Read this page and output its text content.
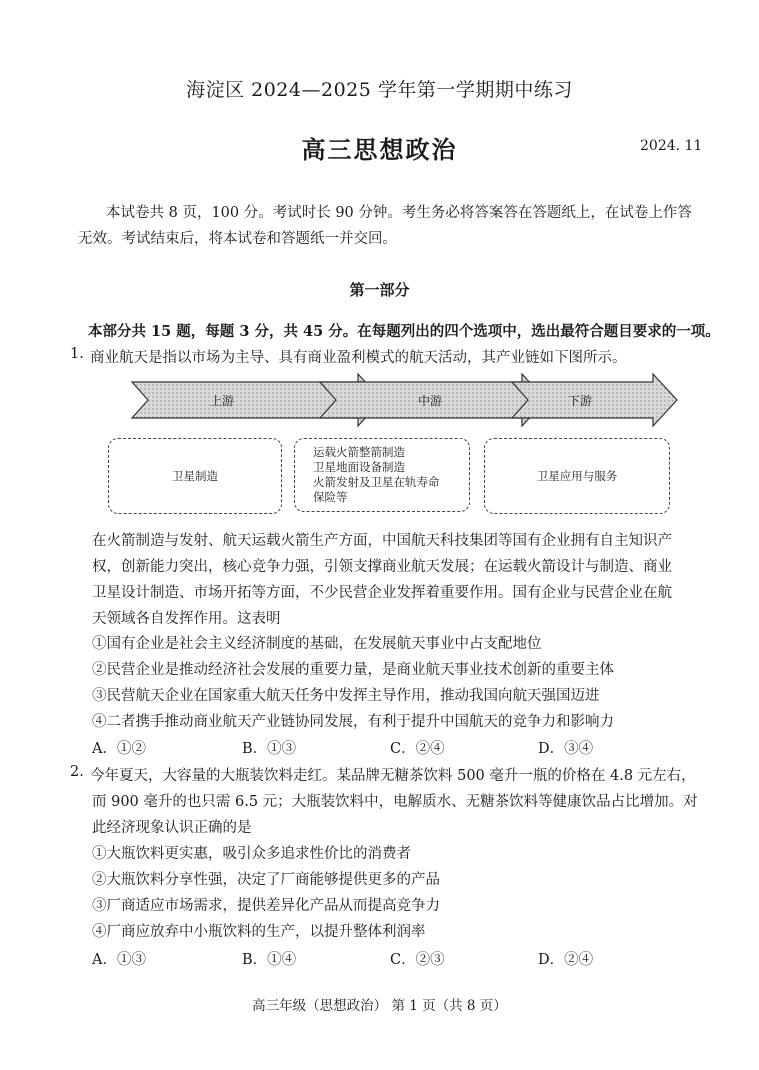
海淀区 2024—2025 学年第一学期期中练习
高三思想政治	2024. 11
本试卷共 8 页，100 分。考试时长 90 分钟。考生务必将答案答在答题纸上，在试卷上作答无效。考试结束后，将本试卷和答题纸一并交回。
第一部分
本部分共 15 题，每题 3 分，共 45 分。在每题列出的四个选项中，选出最符合题目要求的一项。
1. 商业航天是指以市场为主导、具有商业盈利模式的航天活动，其产业链如下图所示。
上游	中游	下游
卫星制造
运载火箭整箭制造
卫星地面设备制造
火箭发射及卫星在轨寿命
保险等
卫星应用与服务
在火箭制造与发射、航天运载火箭生产方面，中国航天科技集团等国有企业拥有自主知识产
权，创新能力突出，核心竞争力强，引领支撑商业航天发展；在运载火箭设计与制造、商业
卫星设计制造、市场开拓等方面，不少民营企业发挥着重要作用。国有企业与民营企业在航
天领域各自发挥作用。这表明
①国有企业是社会主义经济制度的基础，在发展航天事业中占支配地位
②民营企业是推动经济社会发展的重要力量，是商业航天事业技术创新的重要主体
③民营航天企业在国家重大航天任务中发挥主导作用，推动我国向航天强国迈进
④二者携手推动商业航天产业链协同发展，有利于提升中国航天的竞争力和影响力
A．①②	B．①③	C．②④	D．③④
2. 今年夏天，大容量的大瓶装饮料走红。某品牌无糖茶饮料 500 毫升一瓶的价格在 4.8 元左右，
而 900 毫升的也只需 6.5 元；大瓶装饮料中，电解质水、无糖茶饮料等健康饮品占比增加。对
此经济现象认识正确的是
①大瓶饮料更实惠，吸引众多追求性价比的消费者
②大瓶饮料分享性强，决定了厂商能够提供更多的产品
③厂商适应市场需求，提供差异化产品从而提高竞争力
④厂商应放弃中小瓶饮料的生产，以提升整体利润率
A．①③	B．①④	C．②③	D．②④
高三年级（思想政治） 第 1 页（共 8 页）
